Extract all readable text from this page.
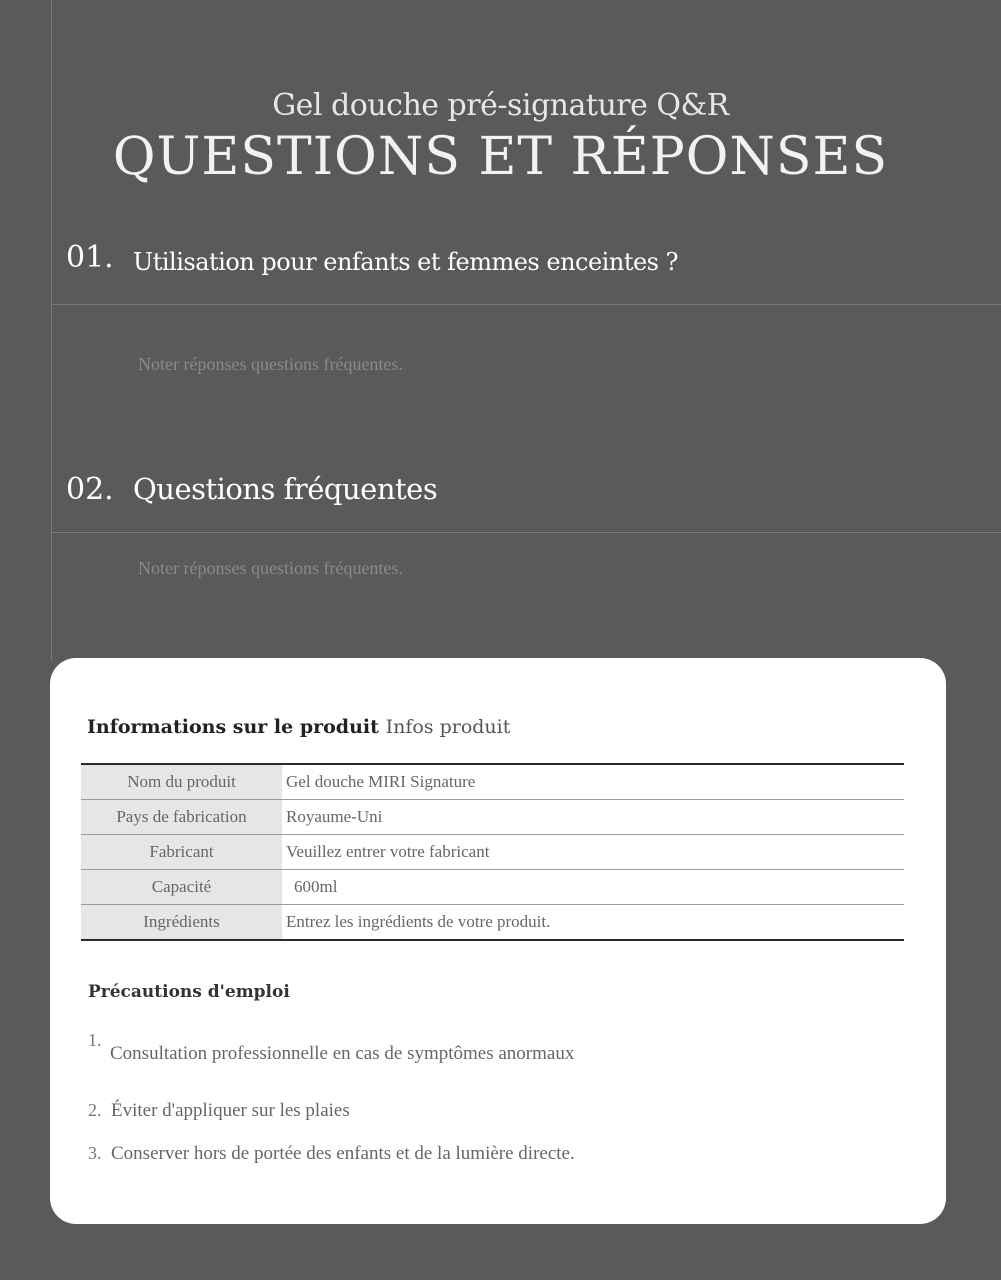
Gel douche pré-signature Q&R
QUESTIONS ET RÉPONSES
01. Utilisation pour enfants et femmes enceintes ?
Noter réponses questions fréquentes.
02. Questions fréquentes
Noter réponses questions fréquentes.
Informations sur le produit Infos produit
Nom du produit	Gel douche MIRI Signature
Pays de fabrication	Royaume-Uni
Fabricant	Veuillez entrer votre fabricant
Capacité	600ml
Ingrédients	Entrez les ingrédients de votre produit.
Précautions d'emploi
1.
Consultation professionnelle en cas de symptômes anormaux
2. Éviter d'appliquer sur les plaies
3. Conserver hors de portée des enfants et de la lumière directe.
